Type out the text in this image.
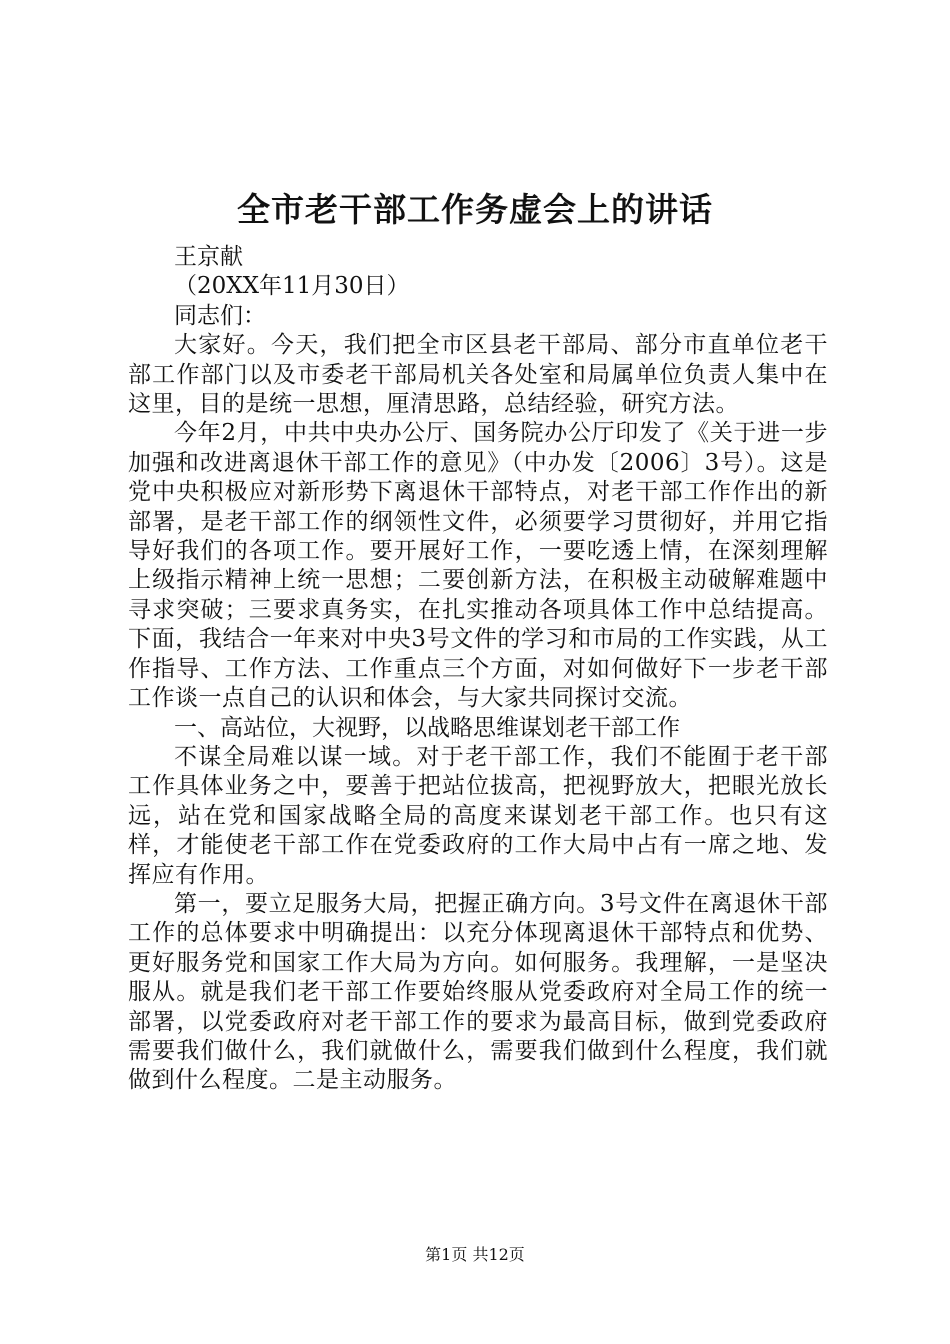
全市老干部工作务虚会上的讲话

王京献

（20XX年11月30日）

同志们：

大家好。今天，我们把全市区县老干部局、部分市直单位老干部工作部门以及市委老干部局机关各处室和局属单位负责人集中在这里，目的是统一思想，厘清思路，总结经验，研究方法。

今年2月，中共中央办公厅、国务院办公厅印发了《关于进一步加强和改进离退休干部工作的意见》（中办发〔2006〕3号）。这是党中央积极应对新形势下离退休干部特点，对老干部工作作出的新部署，是老干部工作的纲领性文件，必须要学习贯彻好，并用它指导好我们的各项工作。要开展好工作，一要吃透上情，在深刻理解上级指示精神上统一思想；二要创新方法，在积极主动破解难题中寻求突破；三要求真务实，在扎实推动各项具体工作中总结提高。下面，我结合一年来对中央3号文件的学习和市局的工作实践，从工作指导、工作方法、工作重点三个方面，对如何做好下一步老干部工作谈一点自己的认识和体会，与大家共同探讨交流。

一、高站位，大视野，以战略思维谋划老干部工作

不谋全局难以谋一域。对于老干部工作，我们不能囿于老干部工作具体业务之中，要善于把站位拔高，把视野放大，把眼光放长远，站在党和国家战略全局的高度来谋划老干部工作。也只有这样，才能使老干部工作在党委政府的工作大局中占有一席之地、发挥应有作用。

第一，要立足服务大局，把握正确方向。3号文件在离退休干部工作的总体要求中明确提出：以充分体现离退休干部特点和优势、更好服务党和国家工作大局为方向。如何服务。我理解，一是坚决服从。就是我们老干部工作要始终服从党委政府对全局工作的统一部署，以党委政府对老干部工作的要求为最高目标，做到党委政府需要我们做什么，我们就做什么，需要我们做到什么程度，我们就做到什么程度。二是主动服务。

第1页 共12页
